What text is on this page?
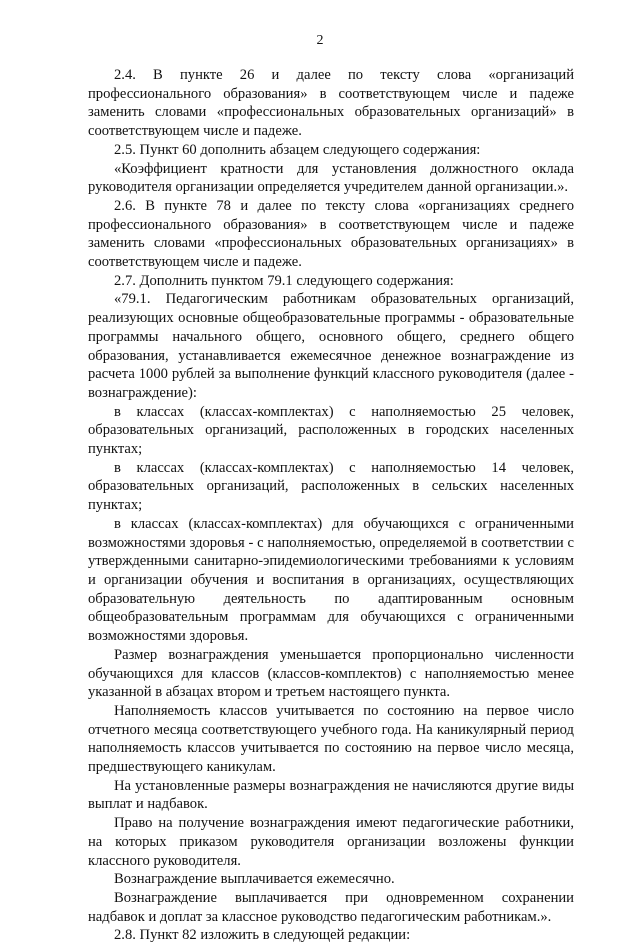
2

2.4. В пункте 26 и далее по тексту слова «организаций профессионального образования» в соответствующем числе и падеже заменить словами «профессиональных образовательных организаций» в соответствующем числе и падеже.

2.5. Пункт 60 дополнить абзацем следующего содержания:

«Коэффициент кратности для установления должностного оклада руководителя организации определяется учредителем данной организации.».

2.6. В пункте 78 и далее по тексту слова «организациях среднего профессионального образования» в соответствующем числе и падеже заменить словами «профессиональных образовательных организациях» в соответствующем числе и падеже.

2.7. Дополнить пунктом 79.1 следующего содержания:

«79.1. Педагогическим работникам образовательных организаций, реализующих основные общеобразовательные программы - образовательные программы начального общего, основного общего, среднего общего образования, устанавливается ежемесячное денежное вознаграждение из расчета 1000 рублей за выполнение функций классного руководителя (далее - вознаграждение):

в классах (классах-комплектах) с наполняемостью 25 человек, образовательных организаций, расположенных в городских населенных пунктах;

в классах (классах-комплектах) с наполняемостью 14 человек, образовательных организаций, расположенных в сельских населенных пунктах;

в классах (классах-комплектах) для обучающихся с ограниченными возможностями здоровья - с наполняемостью, определяемой в соответствии с утвержденными санитарно-эпидемиологическими требованиями к условиям и организации обучения и воспитания в организациях, осуществляющих образовательную деятельность по адаптированным основным общеобразовательным программам для обучающихся с ограниченными возможностями здоровья.

Размер вознаграждения уменьшается пропорционально численности обучающихся для классов (классов-комплектов) с наполняемостью менее указанной в абзацах втором и третьем настоящего пункта.

Наполняемость классов учитывается по состоянию на первое число отчетного месяца соответствующего учебного года. На каникулярный период наполняемость классов учитывается по состоянию на первое число месяца, предшествующего каникулам.

На установленные размеры вознаграждения не начисляются другие виды выплат и надбавок.

Право на получение вознаграждения имеют педагогические работники, на которых приказом руководителя организации возложены функции классного руководителя.

Вознаграждение выплачивается ежемесячно.

Вознаграждение выплачивается при одновременном сохранении надбавок и доплат за классное руководство педагогическим работникам.».

2.8. Пункт 82 изложить в следующей редакции:
